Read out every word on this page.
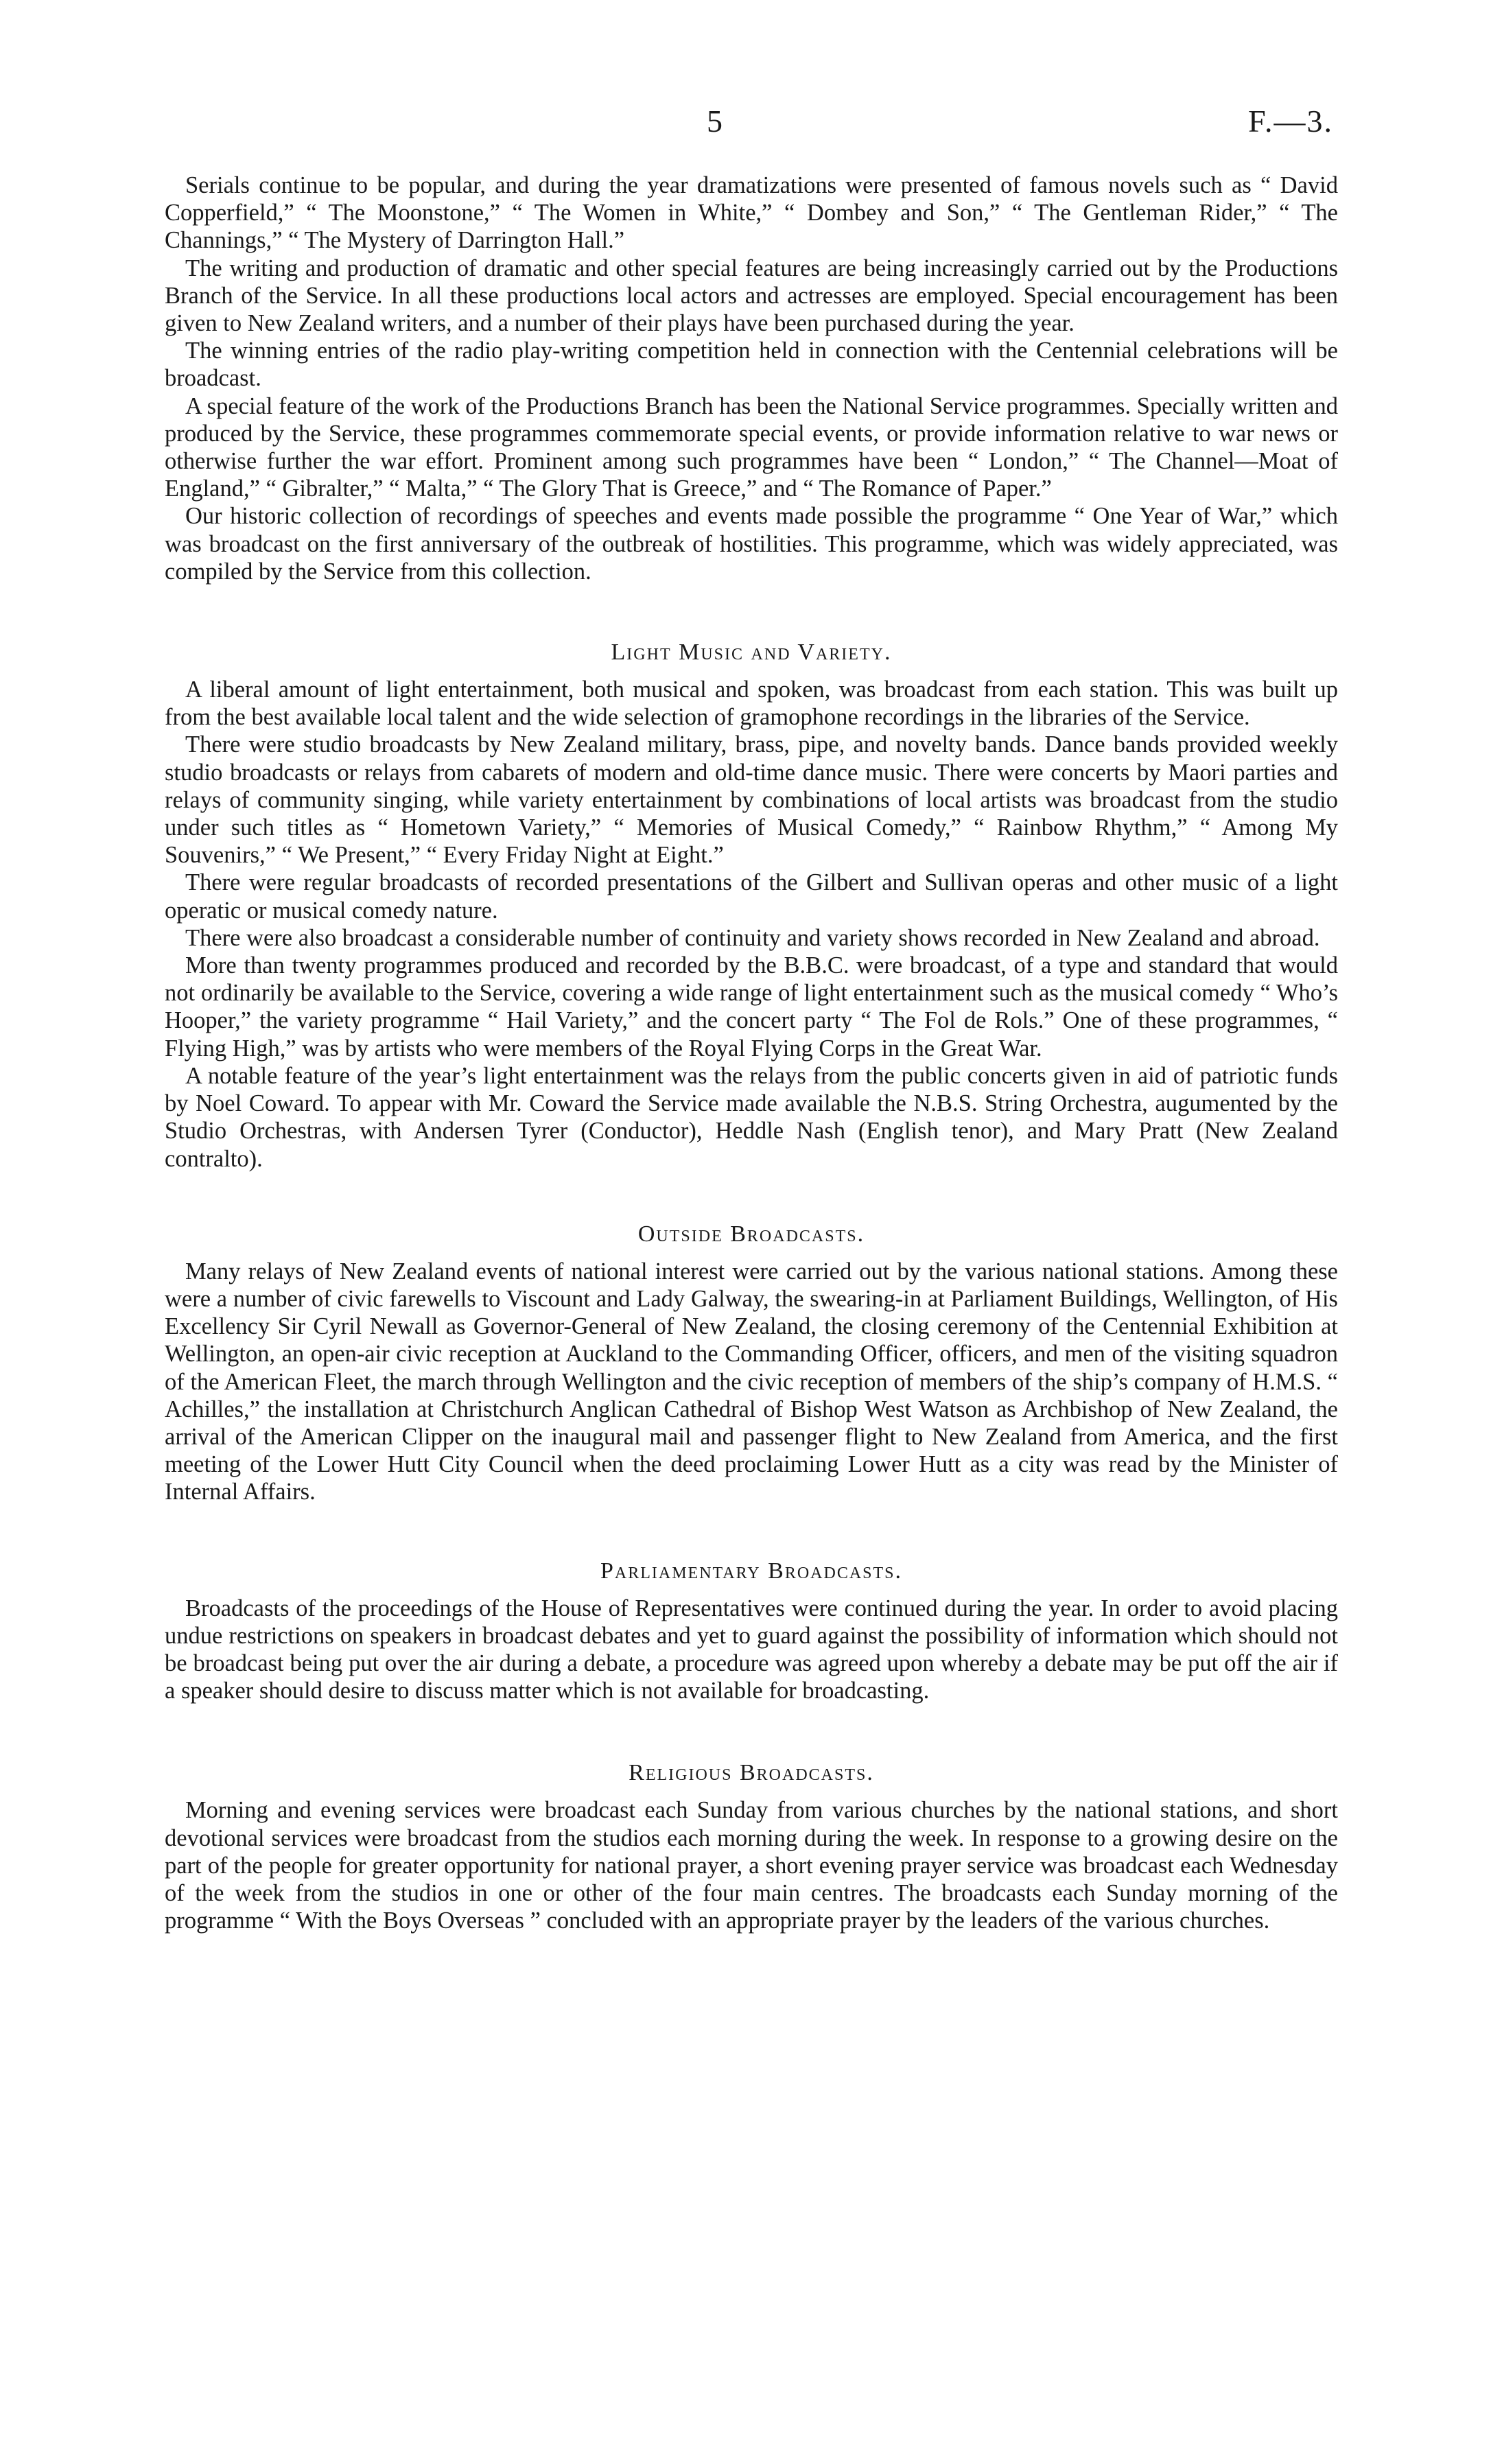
5	F.—3.

Serials continue to be popular, and during the year dramatizations were presented of famous novels such as “ David Copperfield,” “ The Moonstone,” “ The Women in White,” “ Dombey and Son,” “ The Gentleman Rider,” “ The Channings,” “ The Mystery of Darrington Hall.”

The writing and production of dramatic and other special features are being increasingly carried out by the Productions Branch of the Service. In all these productions local actors and actresses are employed. Special encouragement has been given to New Zealand writers, and a number of their plays have been purchased during the year.

The winning entries of the radio play-writing competition held in connection with the Centennial celebrations will be broadcast.

A special feature of the work of the Productions Branch has been the National Service programmes. Specially written and produced by the Service, these programmes commemorate special events, or provide information relative to war news or otherwise further the war effort. Prominent among such programmes have been “ London,” “ The Channel—Moat of England,” “ Gibralter,” “ Malta,” “ The Glory That is Greece,” and “ The Romance of Paper.”

Our historic collection of recordings of speeches and events made possible the programme “ One Year of War,” which was broadcast on the first anniversary of the outbreak of hostilities. This programme, which was widely appreciated, was compiled by the Service from this collection.

Light Music and Variety.

A liberal amount of light entertainment, both musical and spoken, was broadcast from each station. This was built up from the best available local talent and the wide selection of gramophone recordings in the libraries of the Service.

There were studio broadcasts by New Zealand military, brass, pipe, and novelty bands. Dance bands provided weekly studio broadcasts or relays from cabarets of modern and old-time dance music. There were concerts by Maori parties and relays of community singing, while variety entertainment by combinations of local artists was broadcast from the studio under such titles as “ Hometown Variety,” “ Memories of Musical Comedy,” “ Rainbow Rhythm,” “ Among My Souvenirs,” “ We Present,” “ Every Friday Night at Eight.”

There were regular broadcasts of recorded presentations of the Gilbert and Sullivan operas and other music of a light operatic or musical comedy nature.

There were also broadcast a considerable number of continuity and variety shows recorded in New Zealand and abroad.

More than twenty programmes produced and recorded by the B.B.C. were broadcast, of a type and standard that would not ordinarily be available to the Service, covering a wide range of light entertainment such as the musical comedy “ Who’s Hooper,” the variety programme “ Hail Variety,” and the concert party “ The Fol de Rols.” One of these programmes, “ Flying High,” was by artists who were members of the Royal Flying Corps in the Great War.

A notable feature of the year’s light entertainment was the relays from the public concerts given in aid of patriotic funds by Noel Coward. To appear with Mr. Coward the Service made available the N.B.S. String Orchestra, augumented by the Studio Orchestras, with Andersen Tyrer (Conductor), Heddle Nash (English tenor), and Mary Pratt (New Zealand contralto).

Outside Broadcasts.

Many relays of New Zealand events of national interest were carried out by the various national stations. Among these were a number of civic farewells to Viscount and Lady Galway, the swearing-in at Parliament Buildings, Wellington, of His Excellency Sir Cyril Newall as Governor-General of New Zealand, the closing ceremony of the Centennial Exhibition at Wellington, an open-air civic reception at Auckland to the Commanding Officer, officers, and men of the visiting squadron of the American Fleet, the march through Wellington and the civic reception of members of the ship’s company of H.M.S. “ Achilles,” the installation at Christchurch Anglican Cathedral of Bishop West Watson as Archbishop of New Zealand, the arrival of the American Clipper on the inaugural mail and passenger flight to New Zealand from America, and the first meeting of the Lower Hutt City Council when the deed proclaiming Lower Hutt as a city was read by the Minister of Internal Affairs.

Parliamentary Broadcasts.

Broadcasts of the proceedings of the House of Representatives were continued during the year. In order to avoid placing undue restrictions on speakers in broadcast debates and yet to guard against the possibility of information which should not be broadcast being put over the air during a debate, a procedure was agreed upon whereby a debate may be put off the air if a speaker should desire to discuss matter which is not available for broadcasting.

Religious Broadcasts.

Morning and evening services were broadcast each Sunday from various churches by the national stations, and short devotional services were broadcast from the studios each morning during the week. In response to a growing desire on the part of the people for greater opportunity for national prayer, a short evening prayer service was broadcast each Wednesday of the week from the studios in one or other of the four main centres. The broadcasts each Sunday morning of the programme “ With the Boys Overseas ” concluded with an appropriate prayer by the leaders of the various churches.
